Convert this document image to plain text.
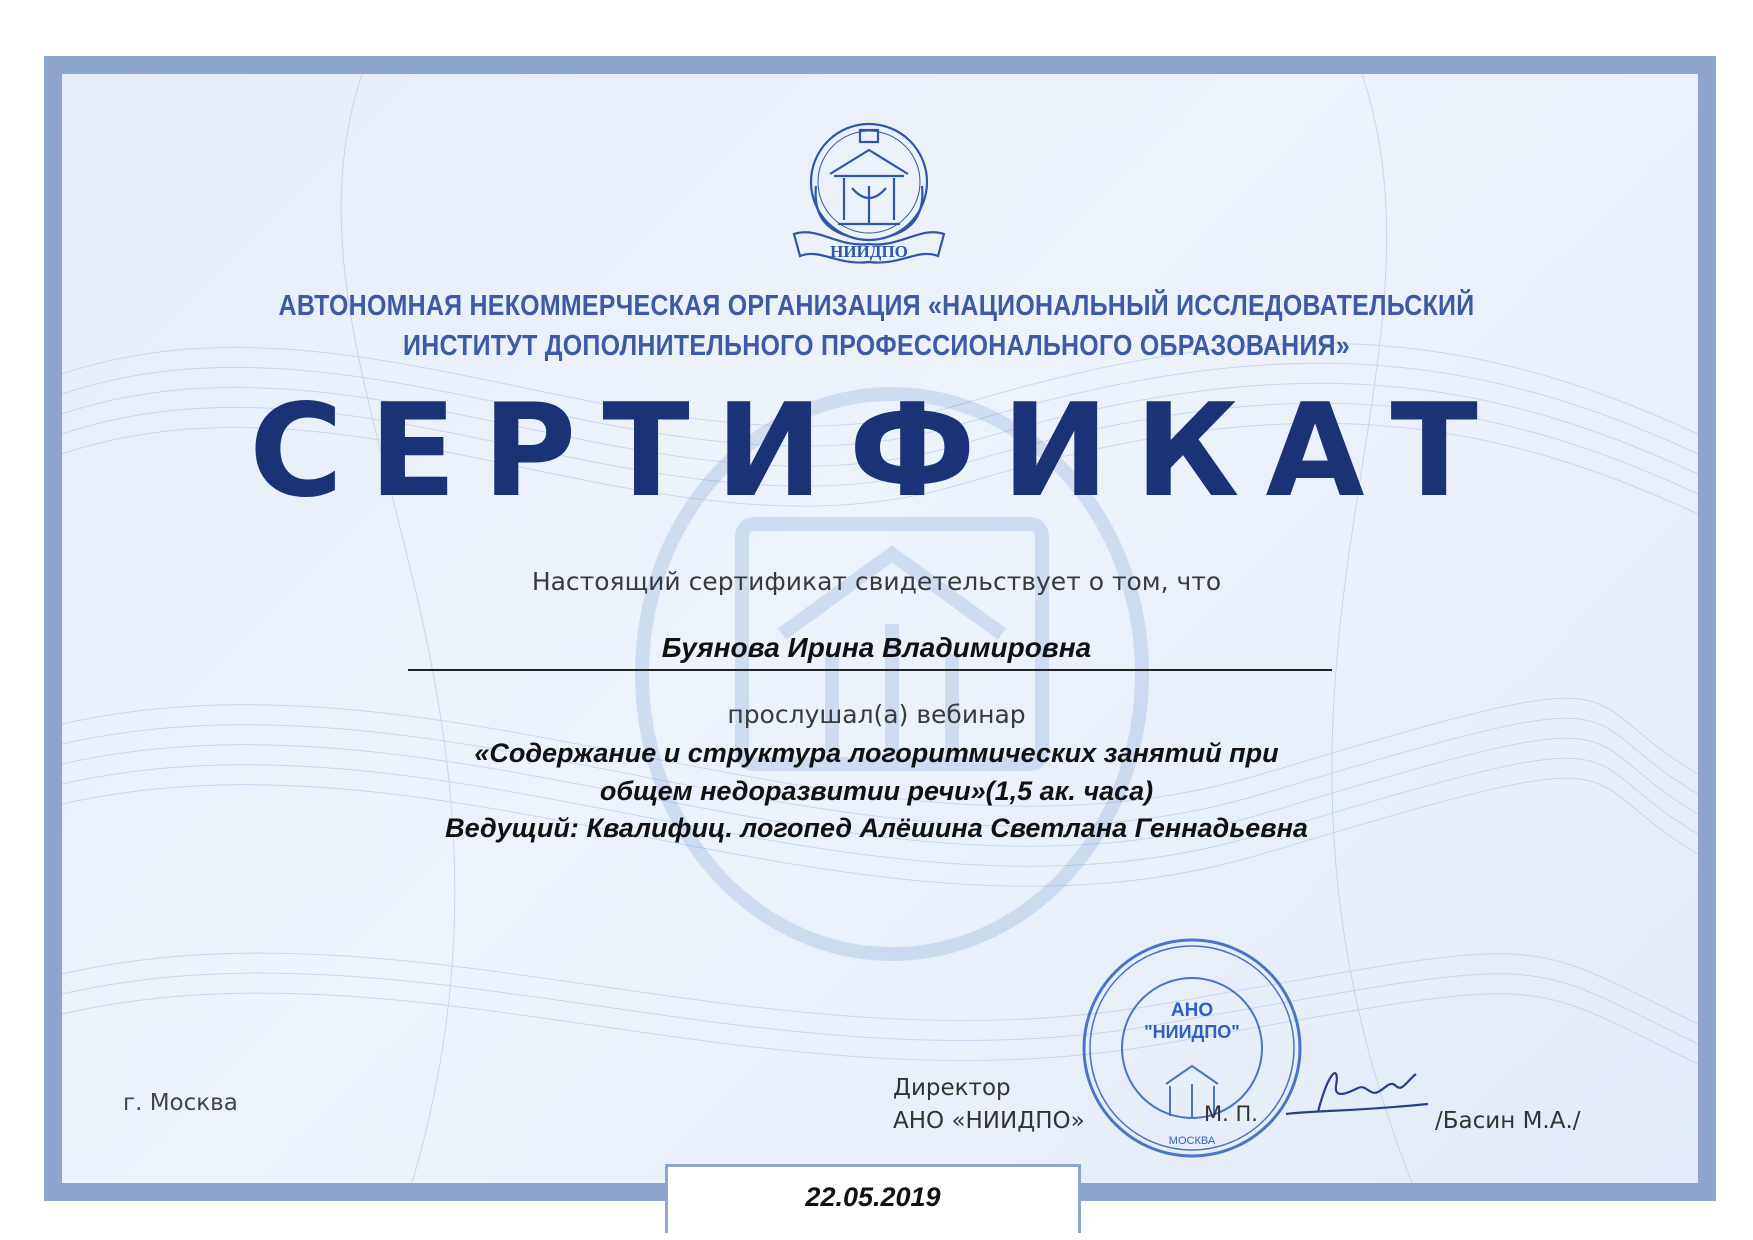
НИИДПО
АВТОНОМНАЯ НЕКОММЕРЧЕСКАЯ ОРГАНИЗАЦИЯ «НАЦИОНАЛЬНЫЙ ИССЛЕДОВАТЕЛЬСКИЙ
ИНСТИТУТ ДОПОЛНИТЕЛЬНОГО ПРОФЕССИОНАЛЬНОГО ОБРАЗОВАНИЯ»
СЕРТИФИКАТ
Настоящий сертификат свидетельствует о том, что
Буянова Ирина Владимировна
прослушал(а) вебинар
«Содержание и структура логоритмических занятий при
общем недоразвитии речи»(1,5 ак. часа)
Ведущий: Квалифиц. логопед Алёшина Светлана Геннадьевна
г. Москва
Директор
АНО «НИИДПО»
АНО
"НИИДПО"
МОСКВА
М. П.	/Басин М.А./
22.05.2019
